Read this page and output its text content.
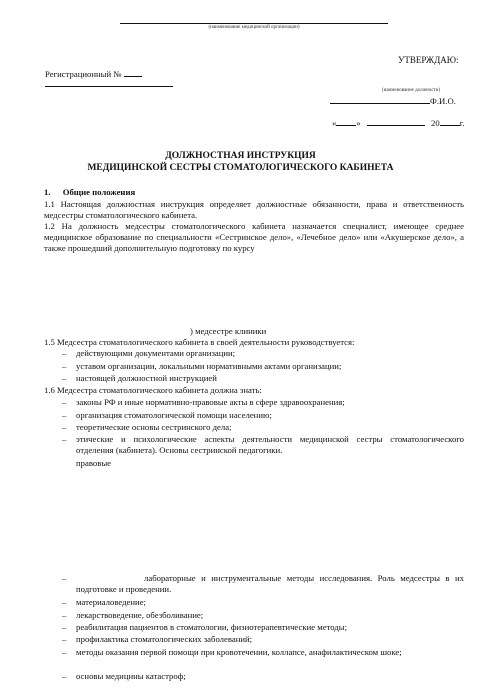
(наименование медицинской организации)
УТВЕРЖДАЮ:
Регистрационный №
(наименование должности)
Ф.И.О.
« »	20 г.
ДОЛЖНОСТНАЯ ИНСТРУКЦИЯ
МЕДИЦИНСКОЙ СЕСТРЫ СТОМАТОЛОГИЧЕСКОГО КАБИНЕТА
1. Общие положения
1.1 Настоящая должностная инструкция определяет должностные обязанности, права и ответственность медсестры стоматологического кабинета.
1.2 На должность медсестры стоматологического кабинета назначается специалист, имеющее среднее медицинское образование по специальности «Сестринское дело», «Лечебное дело» или «Акушерское дело», а также прошедший дополнительную подготовку по курсу
) медсестре клиники
1.5 Медсестра стоматологического кабинета в своей деятельности руководствуется:
– действующими документами организации;
– уставом организации, локальными нормативными актами организации;
– настоящей должностной инструкцией
1.6 Медсестра стоматологического кабинета должна знать:
– законы РФ и иные нормативно-правовые акты в сфере здравоохранения;
– организация стоматологической помощи населению;
– теоретические основы сестринского дела;
– этические и психологические аспекты деятельности медицинской сестры стоматологического отделения (кабинета). Основы сестринской педагогики.
правовые
–	лабораторные и инструментальные методы исследования. Роль медсестры в их подготовке и проведении.
– материаловедение;
– лекарствоведение, обезболивание;
– реабилитация пациентов в стоматологии, физиотерапевтические методы;
– профилактика стоматологических заболеваний;
– методы оказания первой помощи при кровотечении, коллапсе, анафилактическом шоке;
– основы медицины катастроф;
